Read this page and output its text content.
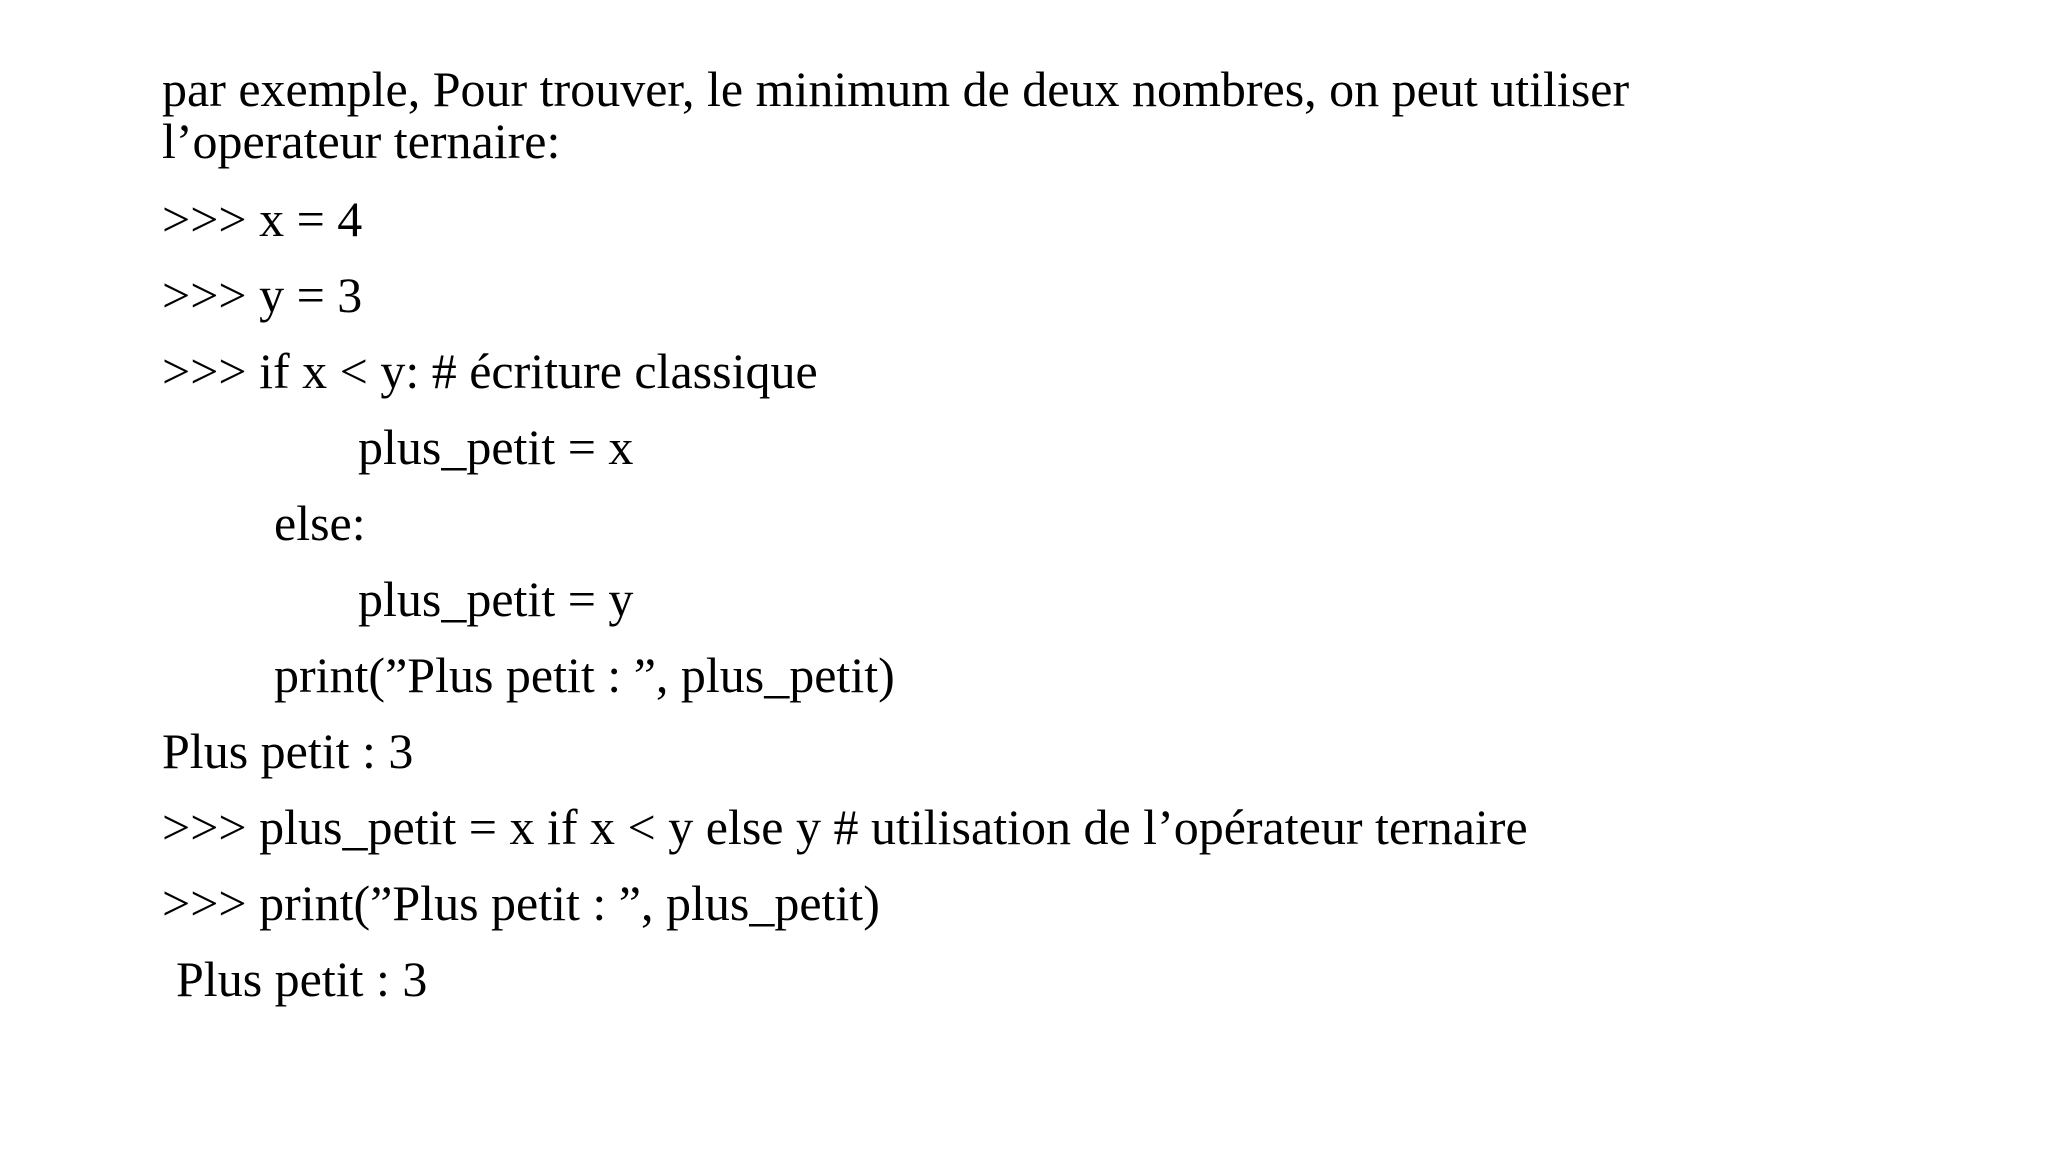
par exemple, Pour trouver, le minimum de deux nombres, on peut utiliser
l’operateur ternaire:
>>> x = 4
>>> y = 3
>>> if x < y: # écriture classique
plus_petit = x
else:
plus_petit = y
print(”Plus petit : ”, plus_petit)
Plus petit : 3
>>> plus_petit = x if x < y else y # utilisation de l’opérateur ternaire
>>> print(”Plus petit : ”, plus_petit)
Plus petit : 3
